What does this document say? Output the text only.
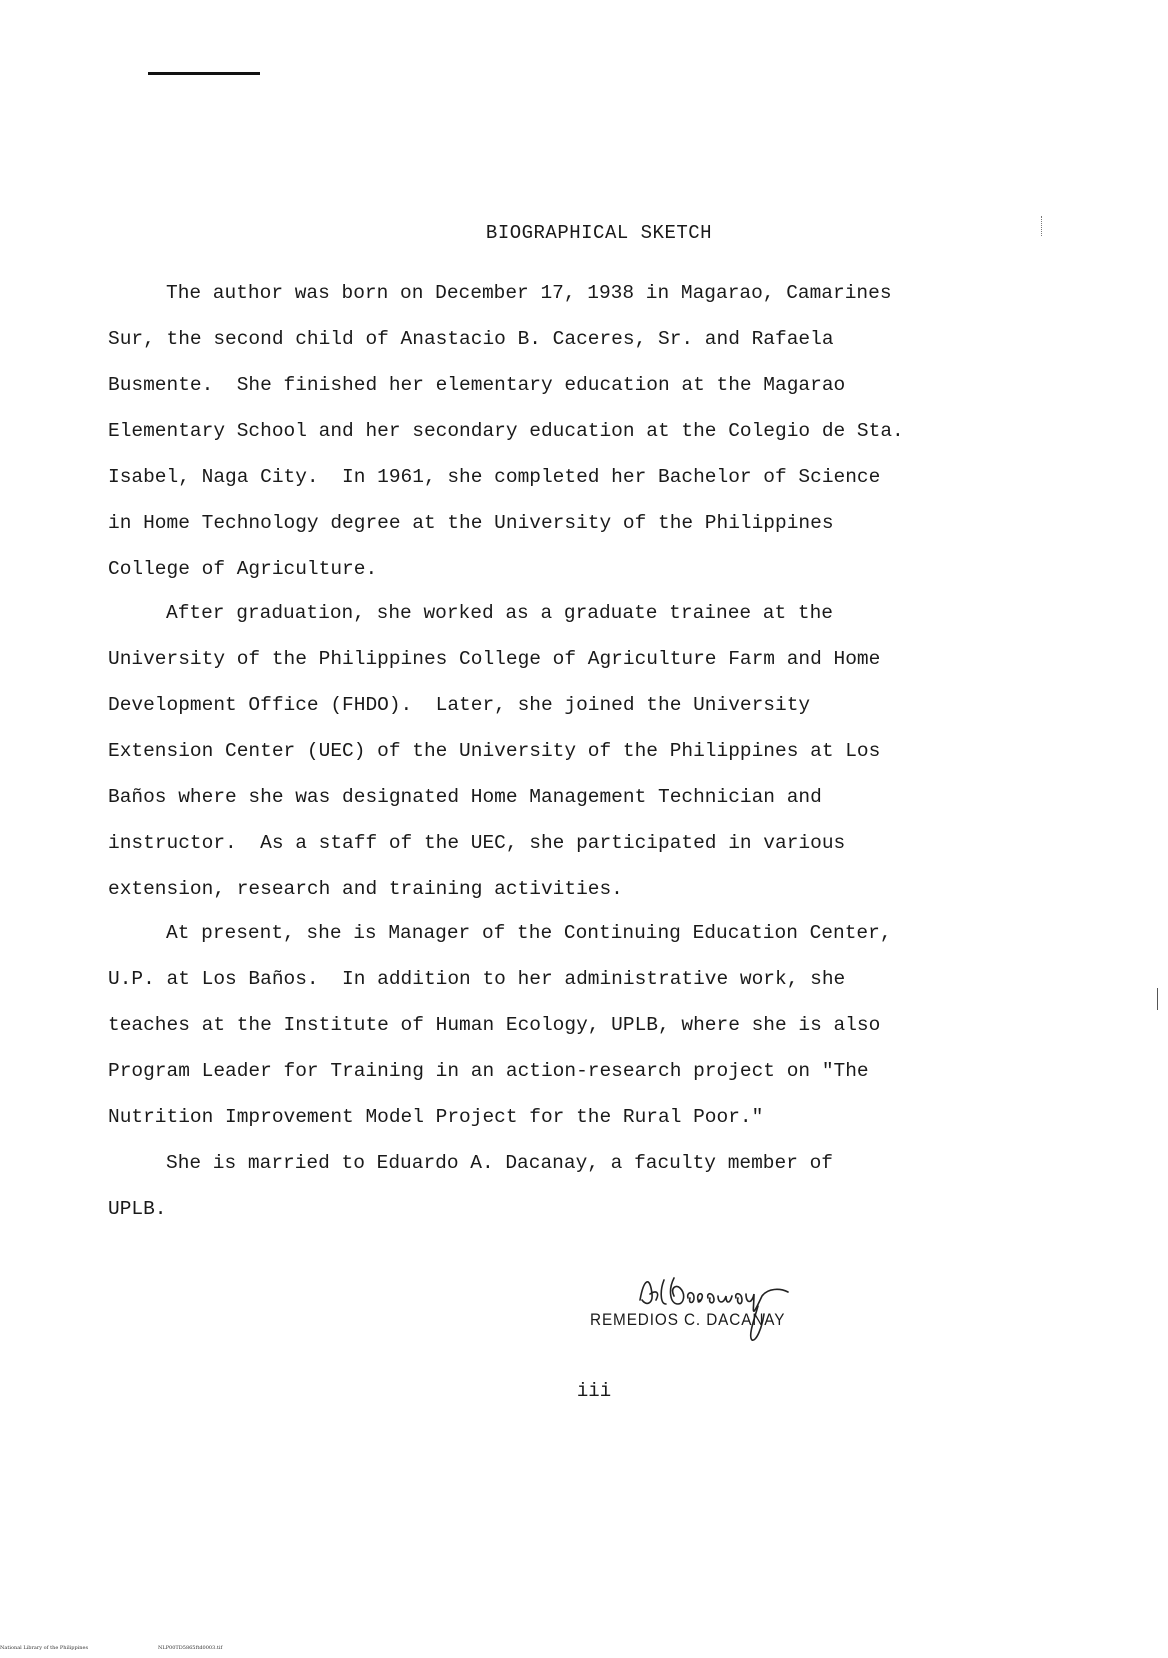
BIOGRAPHICAL SKETCH
The author was born on December 17, 1938 in Magarao, Camarines
Sur, the second child of Anastacio B. Caceres, Sr. and Rafaela
Busmente.  She finished her elementary education at the Magarao
Elementary School and her secondary education at the Colegio de Sta.
Isabel, Naga City.  In 1961, she completed her Bachelor of Science
in Home Technology degree at the University of the Philippines
College of Agriculture.
After graduation, she worked as a graduate trainee at the
University of the Philippines College of Agriculture Farm and Home
Development Office (FHDO).  Later, she joined the University
Extension Center (UEC) of the University of the Philippines at Los
Baños where she was designated Home Management Technician and
instructor.  As a staff of the UEC, she participated in various
extension, research and training activities.
At present, she is Manager of the Continuing Education Center,
U.P. at Los Baños.  In addition to her administrative work, she
teaches at the Institute of Human Ecology, UPLB, where she is also
Program Leader for Training in an action-research project on "The
Nutrition Improvement Model Project for the Rural Poor."
She is married to Eduardo A. Dacanay, a faculty member of
UPLB.
REMEDIOS C. DACANAY
iii
National Library of the Philippines	NLP00TD5865ftd0003.tif
